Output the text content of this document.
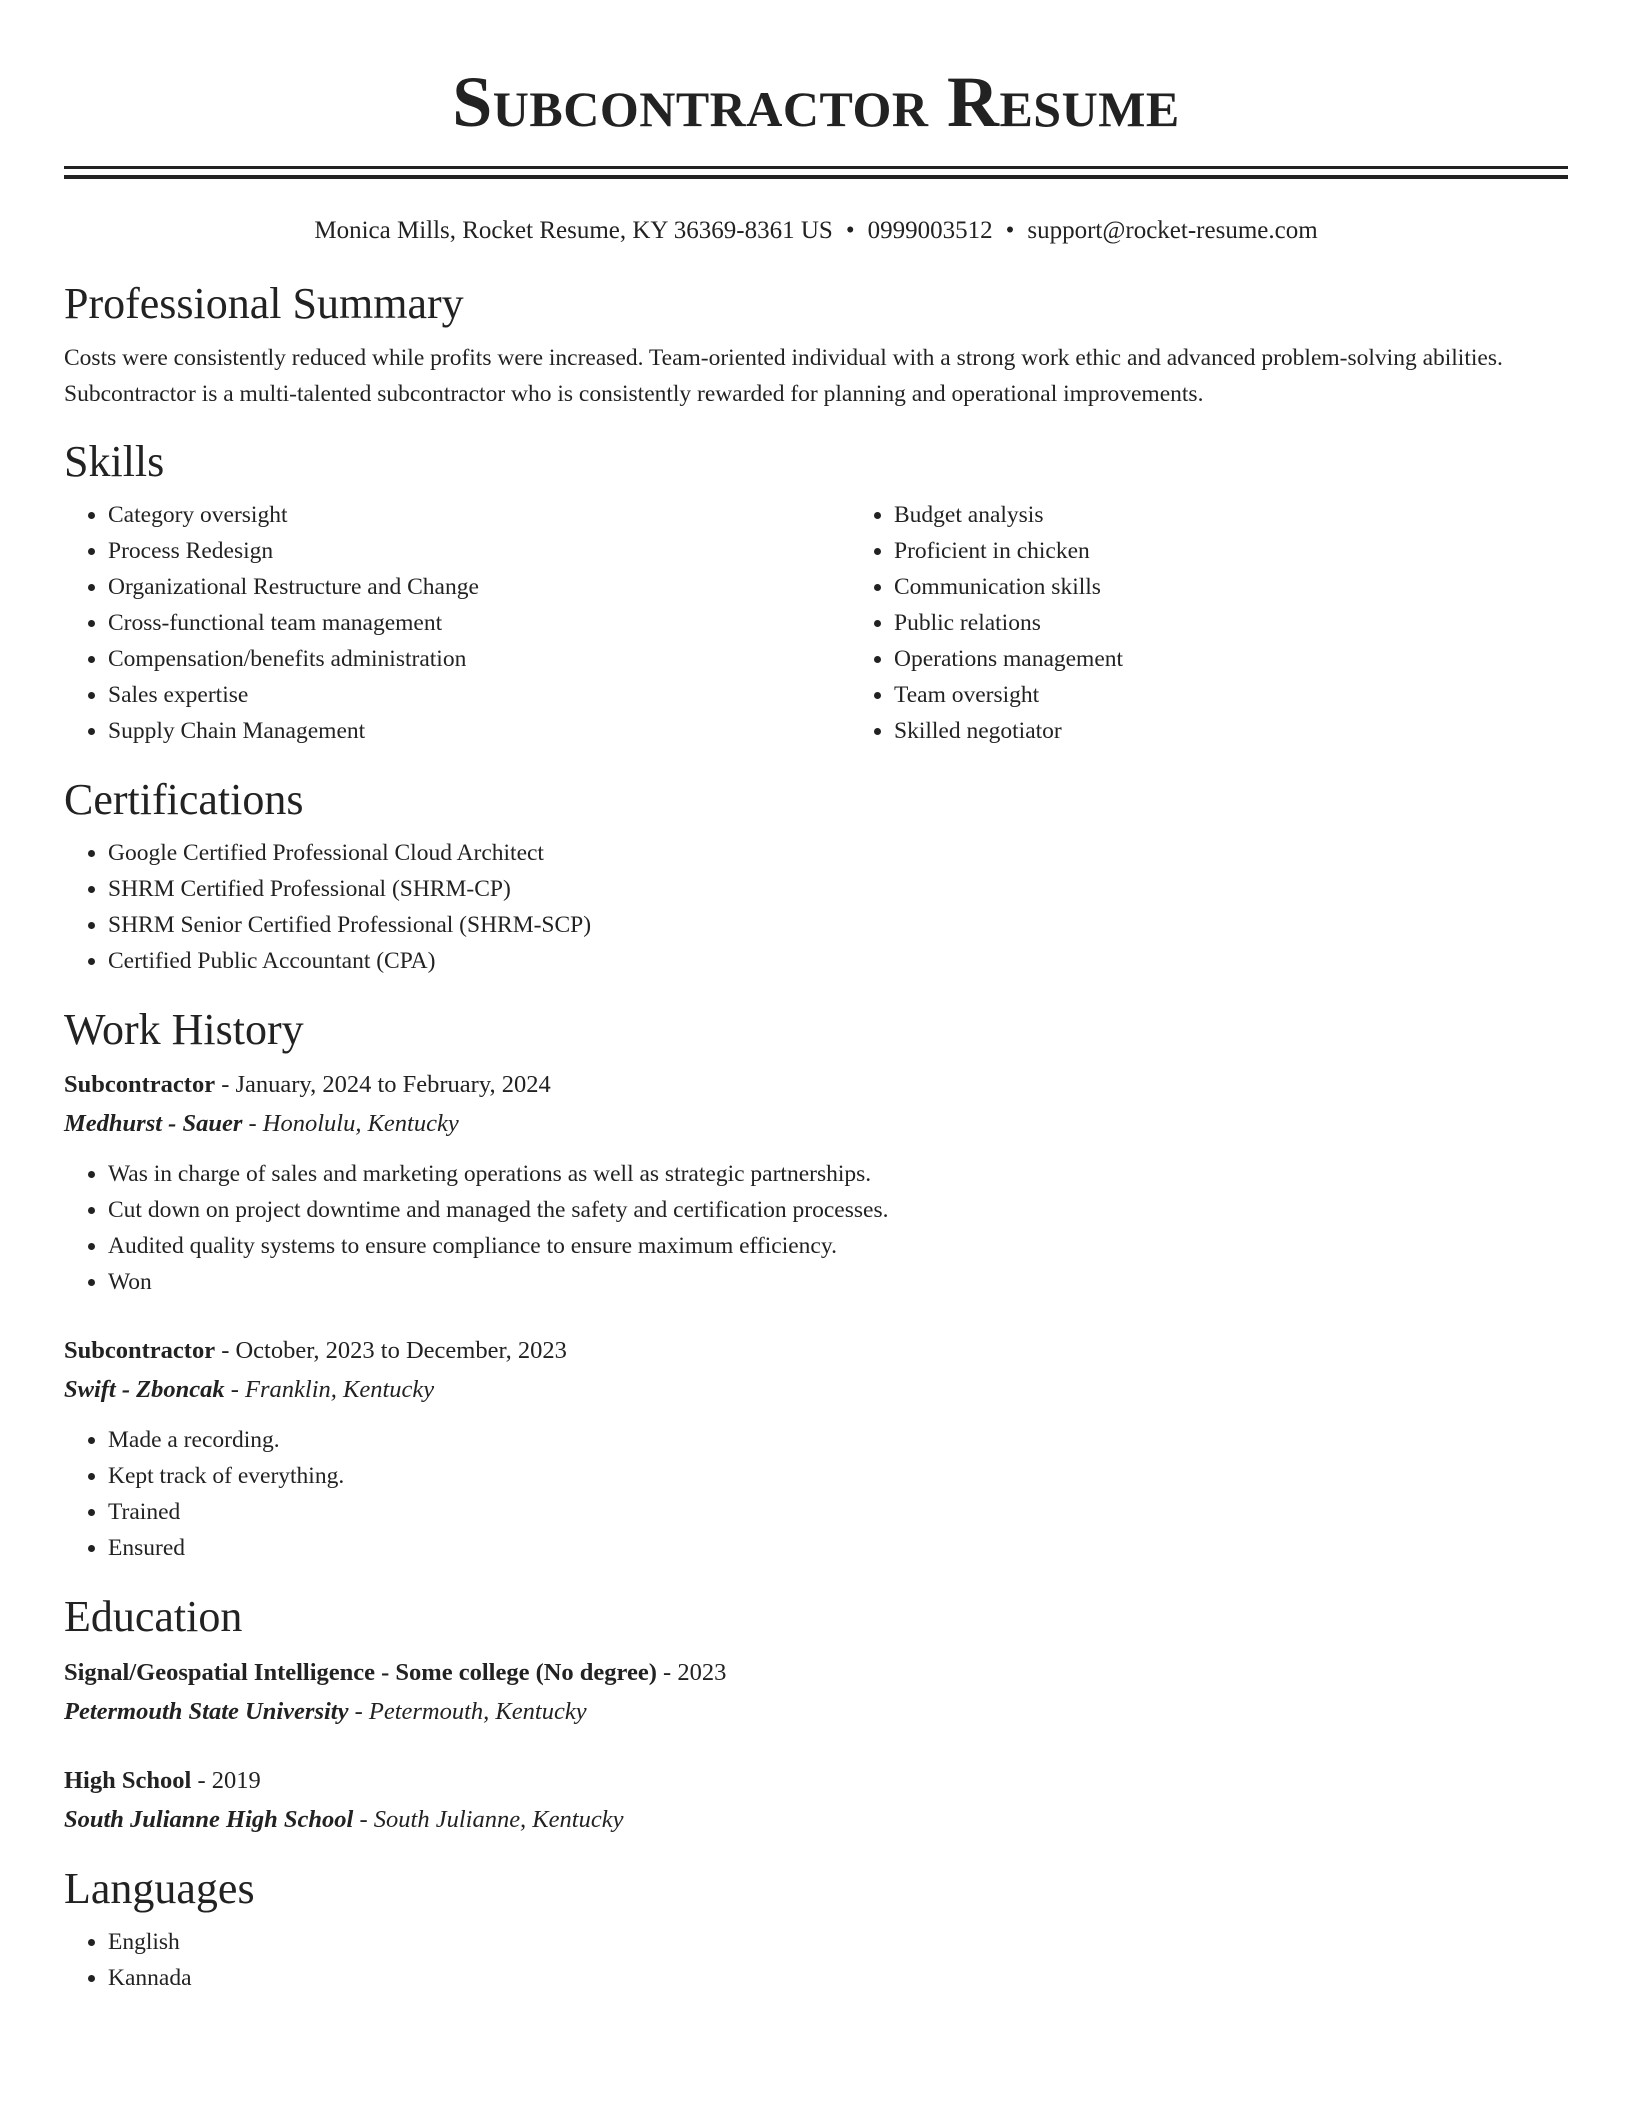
Subcontractor Resume
Monica Mills, Rocket Resume, KY 36369-8361 US • 0999003512 • support@rocket-resume.com
Professional Summary

Costs were consistently reduced while profits were increased. Team-oriented individual with a strong work ethic and advanced problem-solving abilities. Subcontractor is a multi-talented subcontractor who is consistently rewarded for planning and operational improvements.

Skills
• Category oversight
• Process Redesign
• Organizational Restructure and Change
• Cross-functional team management
• Compensation/benefits administration
• Sales expertise
• Supply Chain Management
• Budget analysis
• Proficient in chicken
• Communication skills
• Public relations
• Operations management
• Team oversight
• Skilled negotiator
Certifications
• Google Certified Professional Cloud Architect
• SHRM Certified Professional (SHRM-CP)
• SHRM Senior Certified Professional (SHRM-SCP)
• Certified Public Accountant (CPA)
Work History

Subcontractor - January, 2024 to February, 2024

Medhurst - Sauer - Honolulu, Kentucky

• Was in charge of sales and marketing operations as well as strategic partnerships.
• Cut down on project downtime and managed the safety and certification processes.
• Audited quality systems to ensure compliance to ensure maximum efficiency.
• Won

Subcontractor - October, 2023 to December, 2023

Swift - Zboncak - Franklin, Kentucky

• Made a recording.
• Kept track of everything.
• Trained
• Ensured
Education

Signal/Geospatial Intelligence - Some college (No degree) - 2023

Petermouth State University - Petermouth, Kentucky

High School - 2019

South Julianne High School - South Julianne, Kentucky

Languages
• English
• Kannada
